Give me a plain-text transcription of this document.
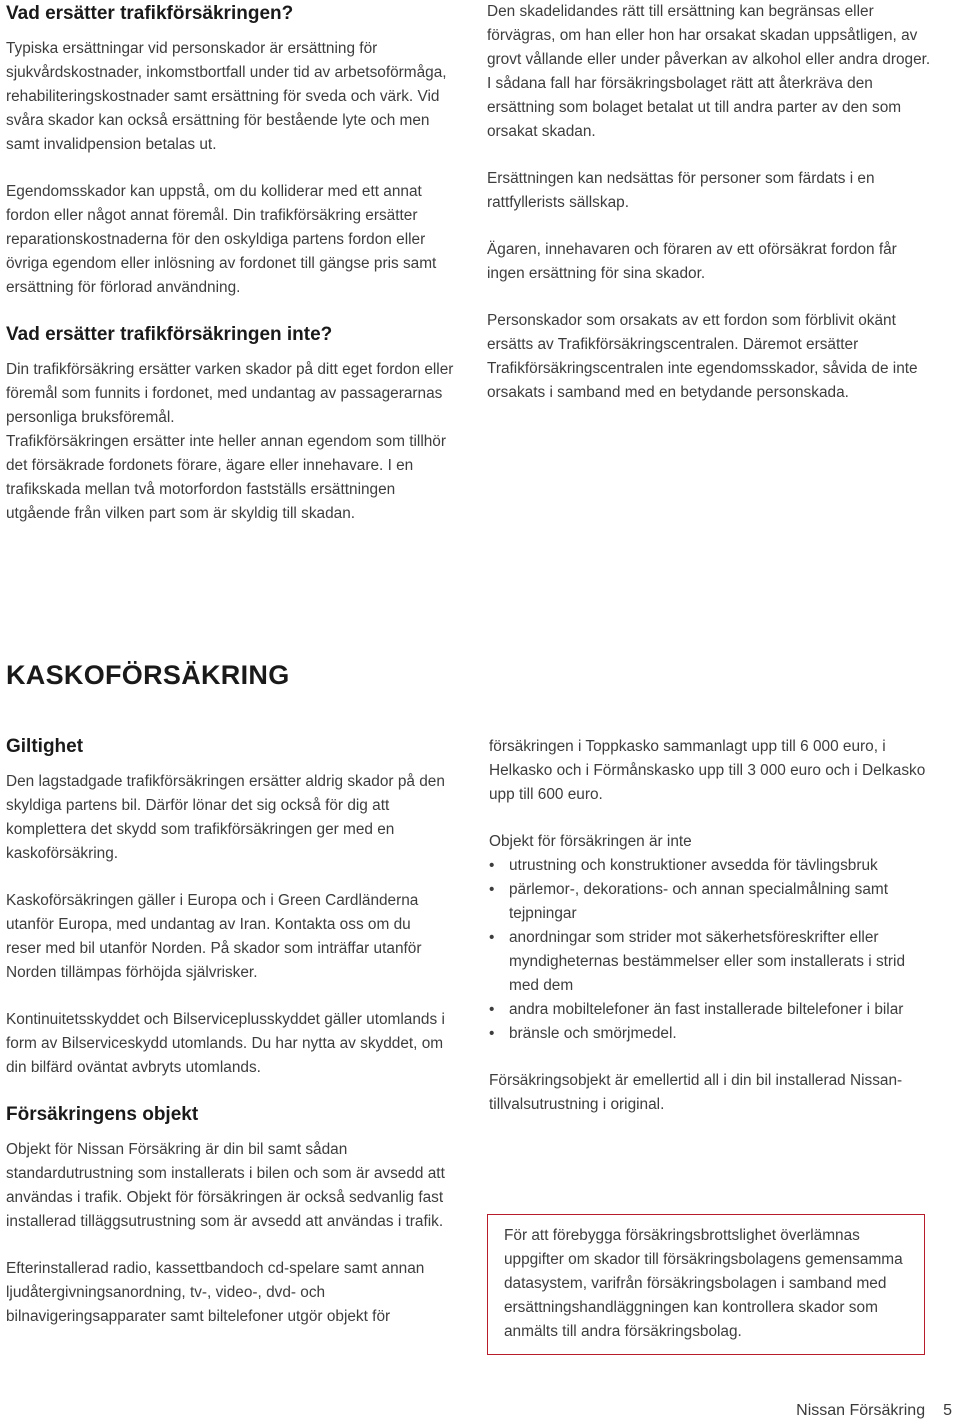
Vad ersätter trafikförsäkringen?

Typiska ersättningar vid personskador är ersättning för sjukvårdskostnader, inkomstbortfall under tid av arbetsoförmåga, rehabiliteringskostnader samt ersättning för sveda och värk. Vid svåra skador kan också ersättning för bestående lyte och men samt invalidpension betalas ut.

Egendomsskador kan uppstå, om du kolliderar med ett annat fordon eller något annat föremål. Din trafikförsäkring ersätter reparationskostnaderna för den oskyldiga partens fordon eller övriga egendom eller inlösning av fordonet till gängse pris samt ersättning för förlorad användning.

Vad ersätter trafikförsäkringen inte?

Din trafikförsäkring ersätter varken skador på ditt eget fordon eller föremål som funnits i fordonet, med undantag av passagerarnas personliga bruksföremål.

Trafikförsäkringen ersätter inte heller annan egendom som tillhör det försäkrade fordonets förare, ägare eller innehavare. I en trafikskada mellan två motorfordon fastställs ersättningen utgående från vilken part som är skyldig till skadan.

Den skadelidandes rätt till ersättning kan begränsas eller förvägras, om han eller hon har orsakat skadan uppsåtligen, av grovt vållande eller under påverkan av alkohol eller andra droger. I sådana fall har försäkringsbolaget rätt att återkräva den ersättning som bolaget betalat ut till andra parter av den som orsakat skadan.

Ersättningen kan nedsättas för personer som färdats i en rattfyllerists sällskap.

Ägaren, innehavaren och föraren av ett oförsäkrat fordon får ingen ersättning för sina skador.

Personskador som orsakats av ett fordon som förblivit okänt ersätts av Trafikförsäkringscentralen. Däremot ersätter Trafikförsäkringscentralen inte egendomsskador, såvida de inte orsakats i samband med en betydande personskada.

KASKOFÖRSÄKRING
Giltighet

Den lagstadgade trafikförsäkringen ersätter aldrig skador på den skyldiga partens bil. Därför lönar det sig också för dig att komplettera det skydd som trafikförsäkringen ger med en kaskoförsäkring.

Kaskoförsäkringen gäller i Europa och i Green Cardländerna utanför Europa, med undantag av Iran. Kontakta oss om du reser med bil utanför Norden. På skador som inträffar utanför Norden tillämpas förhöjda självrisker.

Kontinuitetsskyddet och Bilserviceplusskyddet gäller utomlands i form av Bilserviceskydd utomlands. Du har nytta av skyddet, om din bilfärd oväntat avbryts utomlands.

Försäkringens objekt

Objekt för Nissan Försäkring är din bil samt sådan standardutrustning som installerats i bilen och som är avsedd att användas i trafik. Objekt för försäkringen är också sedvanlig fast installerad tilläggsutrustning som är avsedd att användas i trafik.

Efterinstallerad radio, kassettbandoch cd-spelare samt annan ljudåtergivningsanordning, tv-, video-, dvd- och bilnavigeringsapparater samt biltelefoner utgör objekt för

försäkringen i Toppkasko sammanlagt upp till 6 000 euro, i Helkasko och i Förmånskasko upp till 3 000 euro och i Delkasko upp till 600 euro.

Objekt för försäkringen är inte

• utrustning och konstruktioner avsedda för tävlingsbruk
• pärlemor-, dekorations- och annan specialmålning samt tejpningar
• anordningar som strider mot säkerhetsföreskrifter eller myndigheternas bestämmelser eller som installerats i strid med dem
• andra mobiltelefoner än fast installerade biltelefoner i bilar
• bränsle och smörjmedel.

Försäkringsobjekt är emellertid all i din bil installerad Nissan-tillvalsutrustning i original.

För att förebygga försäkringsbrottslighet överlämnas uppgifter om skador till försäkringsbolagens gemensamma datasystem, varifrån försäkringsbolagen i samband med ersättningshandläggningen kan kontrollera skador som anmälts till andra försäkringsbolag.

Nissan Försäkring 5
